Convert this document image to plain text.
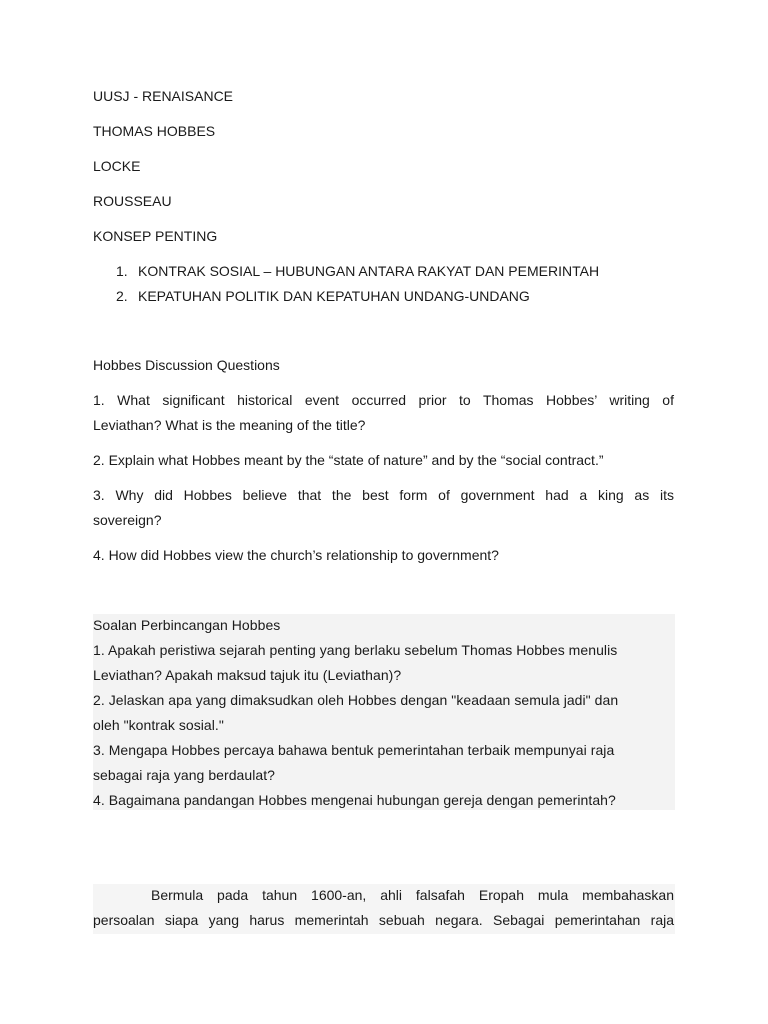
UUSJ - RENAISANCE
THOMAS HOBBES
LOCKE
ROUSSEAU
KONSEP PENTING
1. KONTRAK SOSIAL – HUBUNGAN ANTARA RAKYAT DAN PEMERINTAH
2. KEPATUHAN POLITIK DAN KEPATUHAN UNDANG-UNDANG
Hobbes Discussion Questions
1. What significant historical event occurred prior to Thomas Hobbes’ writing of
Leviathan? What is the meaning of the title?
2. Explain what Hobbes meant by the “state of nature” and by the “social contract.”
3. Why did Hobbes believe that the best form of government had a king as its
sovereign?
4. How did Hobbes view the church’s relationship to government?
Soalan Perbincangan Hobbes
1. Apakah peristiwa sejarah penting yang berlaku sebelum Thomas Hobbes menulis
Leviathan? Apakah maksud tajuk itu (Leviathan)?
2. Jelaskan apa yang dimaksudkan oleh Hobbes dengan "keadaan semula jadi" dan
oleh "kontrak sosial."
3. Mengapa Hobbes percaya bahawa bentuk pemerintahan terbaik mempunyai raja
sebagai raja yang berdaulat?
4. Bagaimana pandangan Hobbes mengenai hubungan gereja dengan pemerintah?
Bermula pada tahun 1600-an, ahli falsafah Eropah mula membahaskan
persoalan siapa yang harus memerintah sebuah negara. Sebagai pemerintahan raja
